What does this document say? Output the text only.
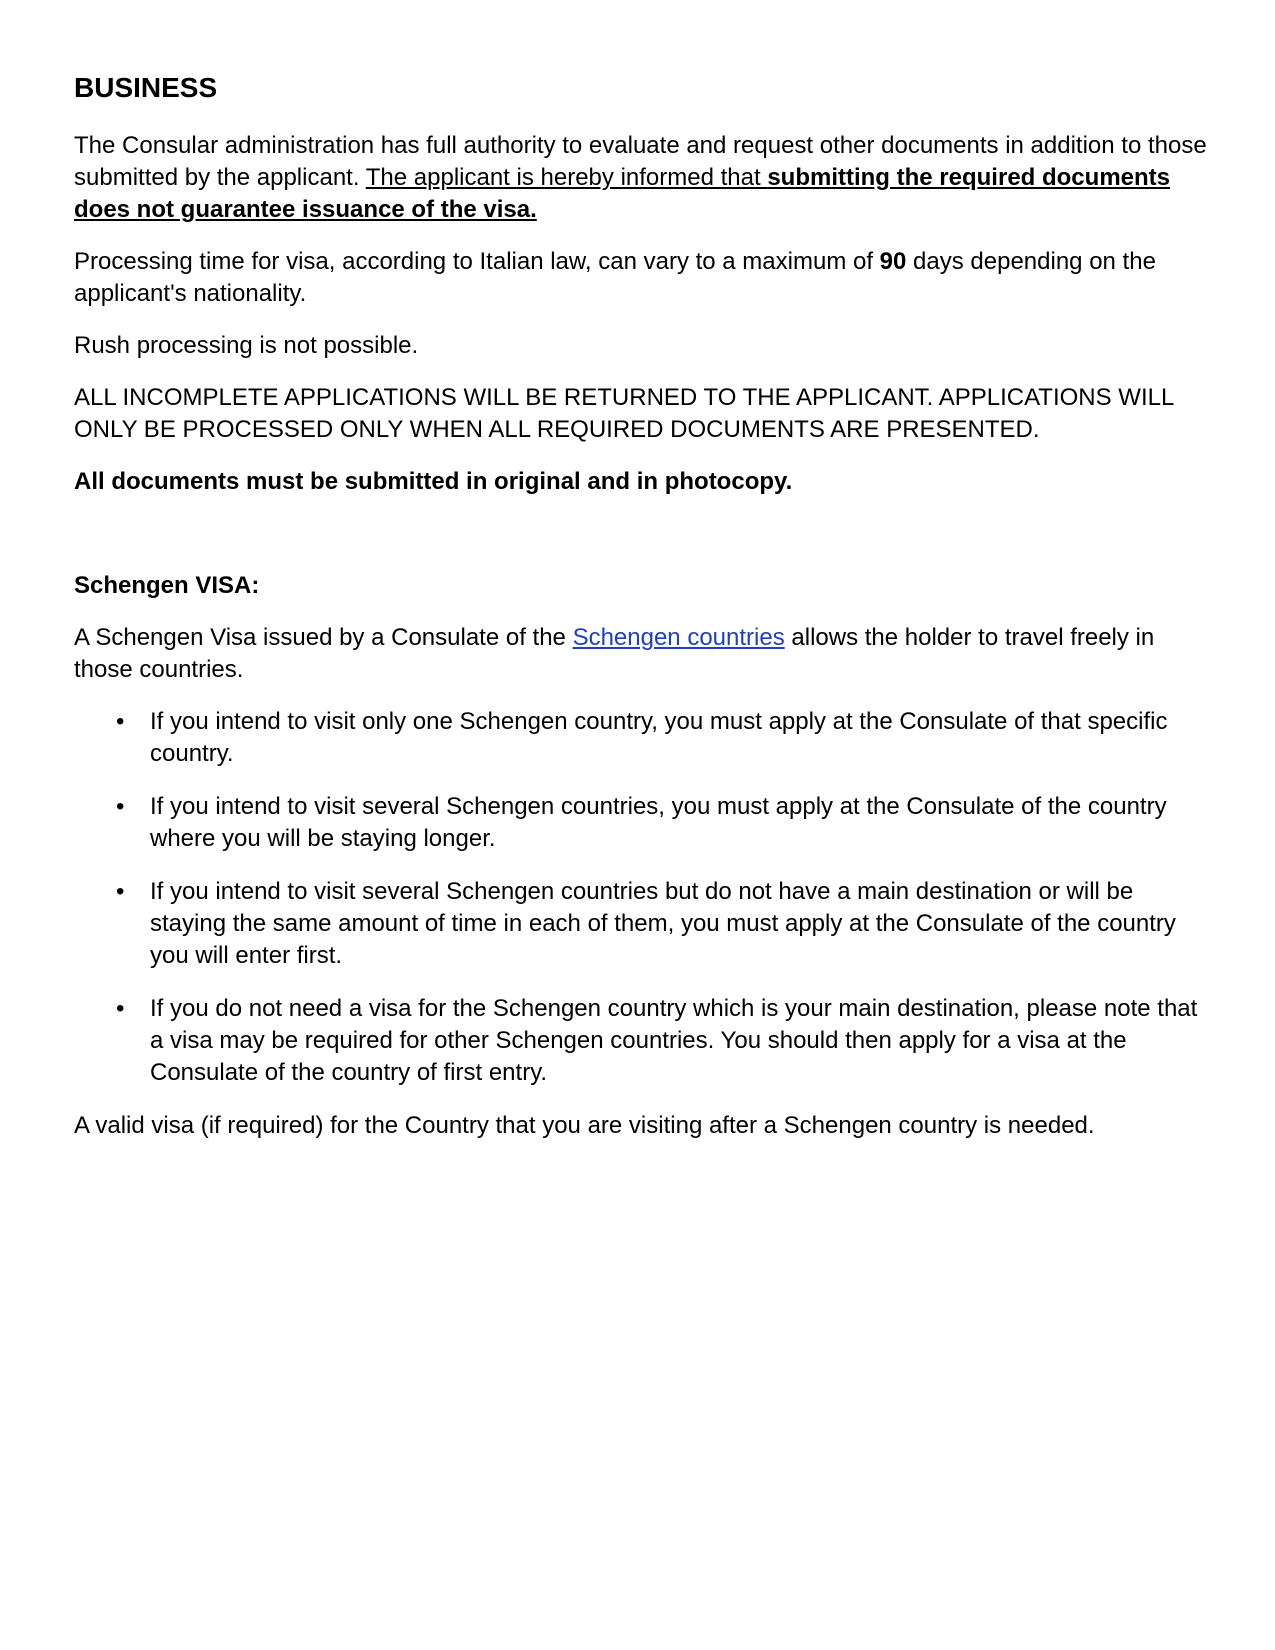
BUSINESS

The Consular administration has full authority to evaluate and request other documents in addition to those submitted by the applicant. The applicant is hereby informed that submitting the required documents does not guarantee issuance of the visa.

Processing time for visa, according to Italian law, can vary to a maximum of 90 days depending on the applicant's nationality.

Rush processing is not possible.

ALL INCOMPLETE APPLICATIONS WILL BE RETURNED TO THE APPLICANT. APPLICATIONS WILL ONLY BE PROCESSED ONLY WHEN ALL REQUIRED DOCUMENTS ARE PRESENTED.

All documents must be submitted in original and in photocopy.

Schengen VISA:

A Schengen Visa issued by a Consulate of the Schengen countries allows the holder to travel freely in those countries.

• If you intend to visit only one Schengen country, you must apply at the Consulate of that specific country.
• If you intend to visit several Schengen countries, you must apply at the Consulate of the country where you will be staying longer.
• If you intend to visit several Schengen countries but do not have a main destination or will be staying the same amount of time in each of them, you must apply at the Consulate of the country you will enter first.
• If you do not need a visa for the Schengen country which is your main destination, please note that a visa may be required for other Schengen countries. You should then apply for a visa at the Consulate of the country of first entry.

A valid visa (if required) for the Country that you are visiting after a Schengen country is needed.
